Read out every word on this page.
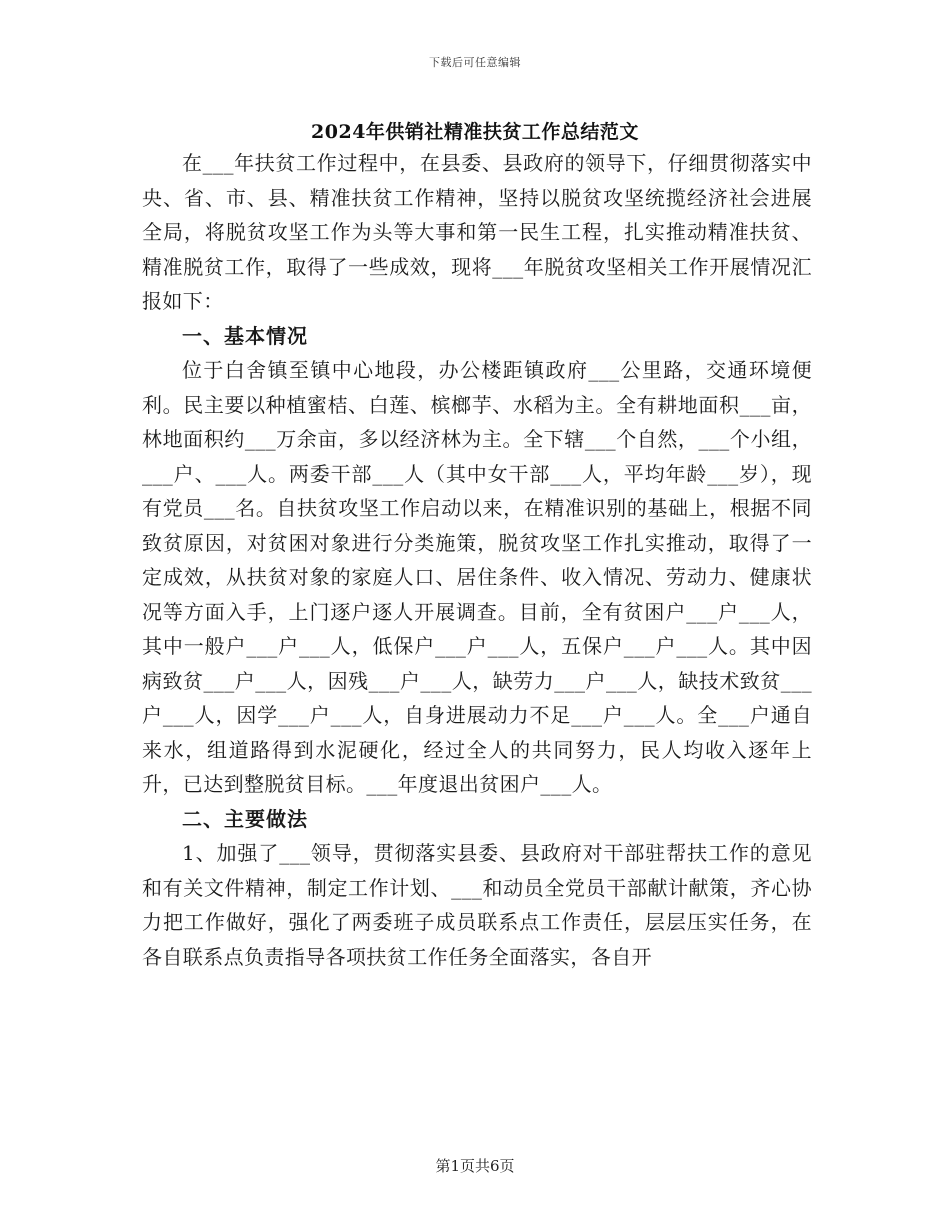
下载后可任意编辑
2024年供销社精准扶贫工作总结范文

在___年扶贫工作过程中，在县委、县政府的领导下，仔细贯彻落实中央、省、市、县、精准扶贫工作精神，坚持以脱贫攻坚统揽经济社会进展全局，将脱贫攻坚工作为头等大事和第一民生工程，扎实推动精准扶贫、精准脱贫工作，取得了一些成效，现将___年脱贫攻坚相关工作开展情况汇报如下：

一、基本情况

位于白舍镇至镇中心地段，办公楼距镇政府___公里路，交通环境便利。民主要以种植蜜桔、白莲、槟榔芋、水稻为主。全有耕地面积___亩，林地面积约___万余亩，多以经济林为主。全下辖___个自然，___个小组，___户、___人。两委干部___人（其中女干部___人，平均年龄___岁），现有党员___名。自扶贫攻坚工作启动以来，在精准识别的基础上，根据不同致贫原因，对贫困对象进行分类施策，脱贫攻坚工作扎实推动，取得了一定成效，从扶贫对象的家庭人口、居住条件、收入情况、劳动力、健康状况等方面入手，上门逐户逐人开展调查。目前，全有贫困户___户___人，其中一般户___户___人，低保户___户___人，五保户___户___人。其中因病致贫___户___人，因残___户___人，缺劳力___户___人，缺技术致贫___户___人，因学___户___人，自身进展动力不足___户___人。全___户通自来水，组道路得到水泥硬化，经过全人的共同努力，民人均收入逐年上升，已达到整脱贫目标。___年度退出贫困户___人。

二、主要做法

1、加强了___领导，贯彻落实县委、县政府对干部驻帮扶工作的意见和有关文件精神，制定工作计划、___和动员全党员干部献计献策，齐心协力把工作做好，强化了两委班子成员联系点工作责任，层层压实任务，在各自联系点负责指导各项扶贫工作任务全面落实，各自开

第1页共6页
